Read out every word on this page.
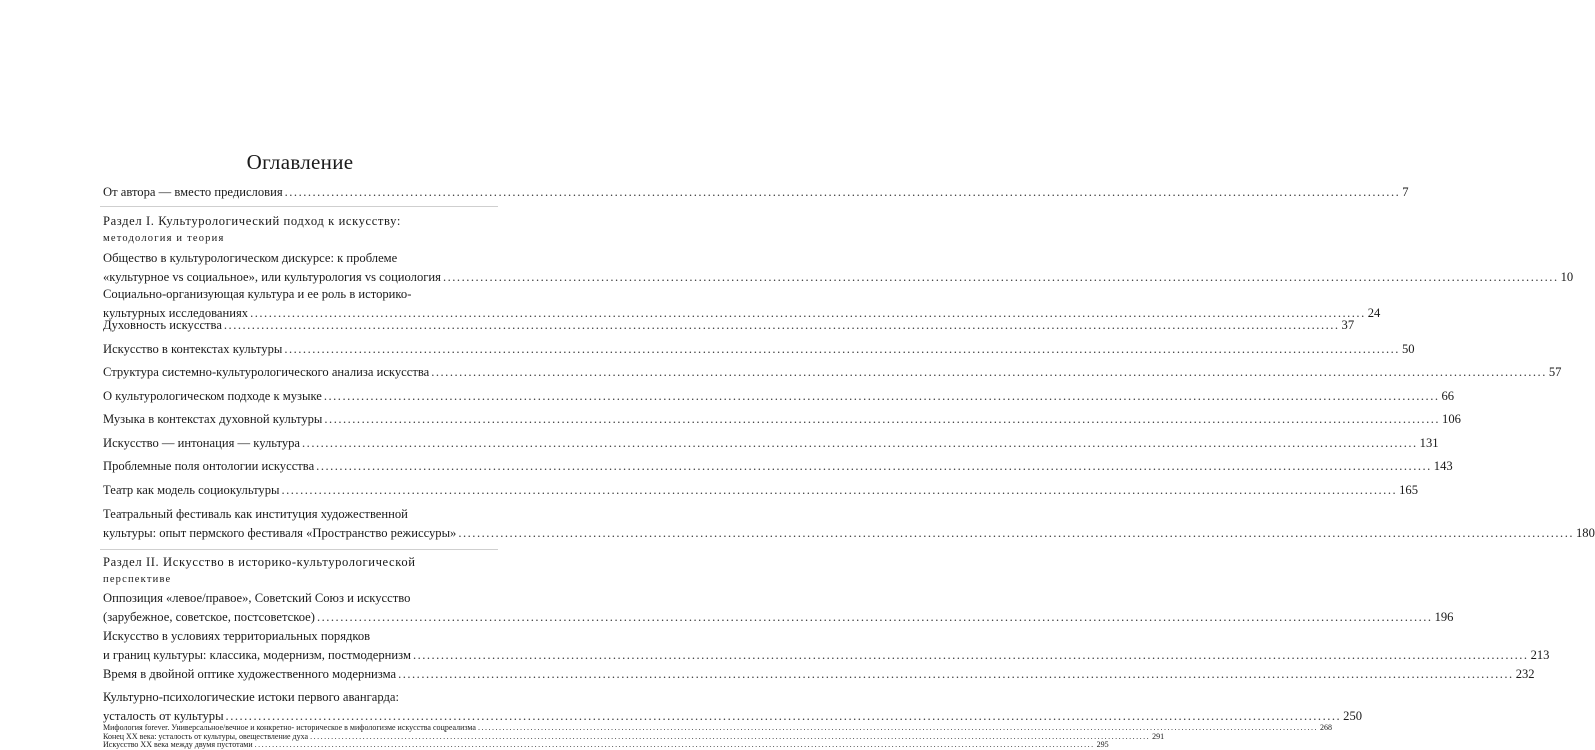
Оглавление
От автора — вместо предисловия .....	7
Раздел I. Культурологический подход к искусству:
методология и теория
Общество в культурологическом дискурсе: к проблеме
«культурное vs социальное», или культурология vs социология .....	10
Социально-организующая культура и ее роль в историко-
культурных исследованиях .....	24
Духовность искусства .....	37
Искусство в контекстах культуры .....	50
Структура системно-культурологического анализа искусства .....	57
О культурологическом подходе к музыке .....	66
Музыка в контекстах духовной культуры .....	106
Искусство — интонация — культура .....	131
Проблемные поля онтологии искусства .....	143
Театр как модель социокультуры .....	165
Театральный фестиваль как институция художественной
культуры: опыт пермского фестиваля «Пространство режиссуры» .....	180
Раздел II. Искусство в историко-культурологической
перспективе
Оппозиция «левое/правое», Советский Союз и искусство
(зарубежное, советское, постсоветское) .....	196
Искусство в условиях территориальных порядков
и границ культуры: классика, модернизм, постмодернизм .....	213
Время в двойной оптике художественного модернизма .....	232
Культурно-психологические истоки первого авангарда:
усталость от культуры .....	250
Мифология forever. Универсальное/вечное и конкретно-
историческое в мифологизме искусства соцреализма .....	268
Конец XX века: усталость от культуры, овеществление духа .....	291
Искусство XX века между двумя пустотами .....	295
